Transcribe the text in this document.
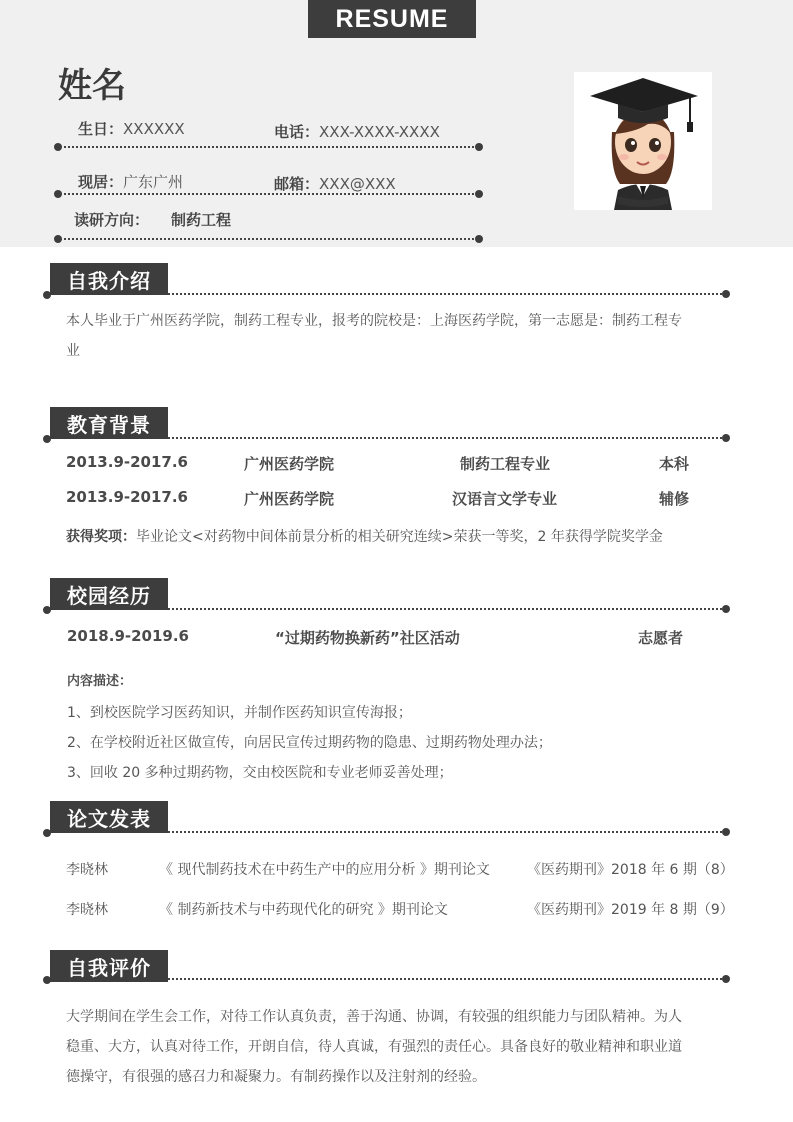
RESUME
姓名
生日：XXXXXX	电话：XXX-XXXX-XXXX
现居：广东广州	邮箱：XXX@XXX
读研方向： 制药工程
自我介绍
本人毕业于广州医药学院，制药工程专业，报考的院校是：上海医药学院，第一志愿是：制药工程专
业
教育背景
2013.9-2017.6	广州医药学院	制药工程专业	本科
2013.9-2017.6	广州医药学院	汉语言文学专业	辅修
获得奖项：毕业论文<对药物中间体前景分析的相关研究连续>荣获一等奖，2 年获得学院奖学金
校园经历
2018.9-2019.6	“过期药物换新药”社区活动	志愿者
内容描述：
1、到校医院学习医药知识，并制作医药知识宣传海报；
2、在学校附近社区做宣传，向居民宣传过期药物的隐患、过期药物处理办法；
3、回收 20 多种过期药物，交由校医院和专业老师妥善处理；
论文发表
李晓林	《 现代制药技术在中药生产中的应用分析 》期刊论文	《医药期刊》2018 年 6 期（8）
李晓林	《 制药新技术与中药现代化的研究 》期刊论文	《医药期刊》2019 年 8 期（9）
自我评价
大学期间在学生会工作，对待工作认真负责，善于沟通、协调，有较强的组织能力与团队精神。为人
稳重、大方，认真对待工作，开朗自信，待人真诚，有强烈的责任心。具备良好的敬业精神和职业道
德操守，有很强的感召力和凝聚力。有制药操作以及注射剂的经验。
